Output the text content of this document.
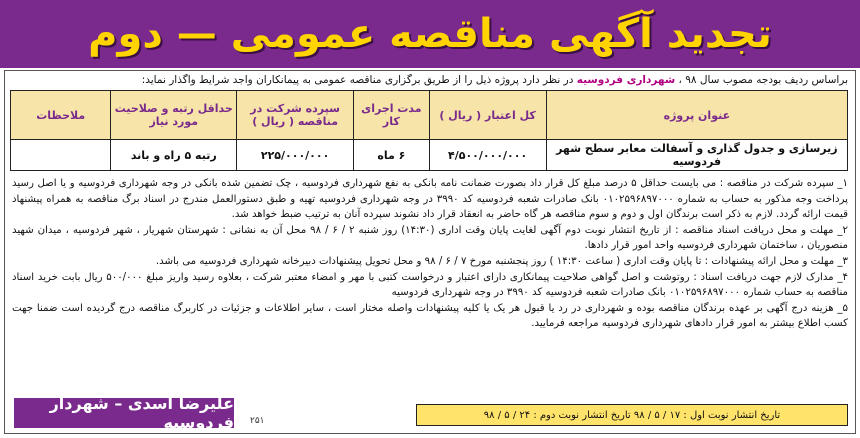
تجدید آگهی مناقصه عمومی — دوم
براساس ردیف بودجه مصوب سال ۹۸ ، شهرداری فردوسیه در نظر دارد پروژه ذیل را از طریق برگزاری مناقصه عمومی به پیمانکاران واجد شرایط واگذار نماید:
عنوان پروژه	کل اعتبار ( ریال )	مدت اجرای کار	سپرده شرکت در مناقصه ( ریال )	حداقل رتبه و صلاحیت مورد نیاز	ملاحظات
زیرسازی و جدول گذاری و آسفالت معابر سطح شهر فردوسیه	۴/۵۰۰/۰۰۰/۰۰۰	۶ ماه	۲۲۵/۰۰۰/۰۰۰	رتبه ۵ راه و باند	

۱_ سپرده شرکت در مناقصه : می بایست حداقل ۵ درصد مبلغ کل قرار داد بصورت ضمانت نامه بانکی به نفع شهرداری فردوسیه ، چک تضمین شده بانکی در وجه شهرداری فردوسیه و یا اصل رسید پرداخت وجه مذکور به حساب به شماره ۰۱۰۲۵۹۶۸۹۷۰۰۰ بانک صادرات شعبه فردوسیه کد ۳۹۹۰ در وجه شهرداری فردوسیه تهیه و طبق دستورالعمل مندرج در اسناد برگ مناقصه به همراه پیشنهاد قیمت ارائه گردد. لازم به ذکر است برندگان اول و دوم و سوم مناقصه هر گاه حاضر به انعقاد قرار داد نشوند سپرده آنان به ترتیب ضبط خواهد شد.

۲_ مهلت و محل دریافت اسناد مناقصه : از تاریخ انتشار نوبت دوم آگهی لغایت پایان وقت اداری (۱۴:۳۰) روز شنبه ۲ / ۶ / ۹۸ محل آن به نشانی : شهرستان شهریار ، شهر فردوسیه ، میدان شهید منصوریان ، ساختمان شهرداری فردوسیه واحد امور قرار دادها.

۳_ مهلت و محل ارائه پیشنهادات : تا پایان وقت اداری ( ساعت ۱۴:۳۰ ) روز پنجشنبه مورخ ۷ / ۶ / ۹۸ و محل تحویل پیشنهادات دبیرخانه شهرداری فردوسیه می باشد.

۴_ مدارک لازم جهت دریافت اسناد : روتوشت و اصل گواهی صلاحیت پیمانکاری دارای اعتبار و درخواست کتبی با مهر و امضاء معتبر شرکت ، بعلاوه رسید واریز مبلغ ۵۰۰/۰۰۰ ریال بابت خرید اسناد مناقصه به حساب شماره ۰۱۰۲۵۹۶۸۹۷۰۰۰ بانک صادرات شعبه فردوسیه کد ۳۹۹۰ در وجه شهرداری فردوسیه

۵_ هزینه درج آگهی بر عهده برندگان مناقصه بوده و شهرداری در رد یا قبول هر یک یا کلیه پیشنهادات واصله مختار است ، سایر اطلاعات و جزئیات در کاربرگ مناقصه درج گردیده است ضمنا جهت کسب اطلاع بیشتر به امور قرار دادهای شهرداری فردوسیه مراجعه فرمایید.

تاریخ انتشار نوبت اول : ۱۷ / ۵ / ۹۸ تاریخ انتشار نوبت دوم : ۲۴ / ۵ / ۹۸
۲۵۱
علیرضا اسدی – شهردار فردوسیه
